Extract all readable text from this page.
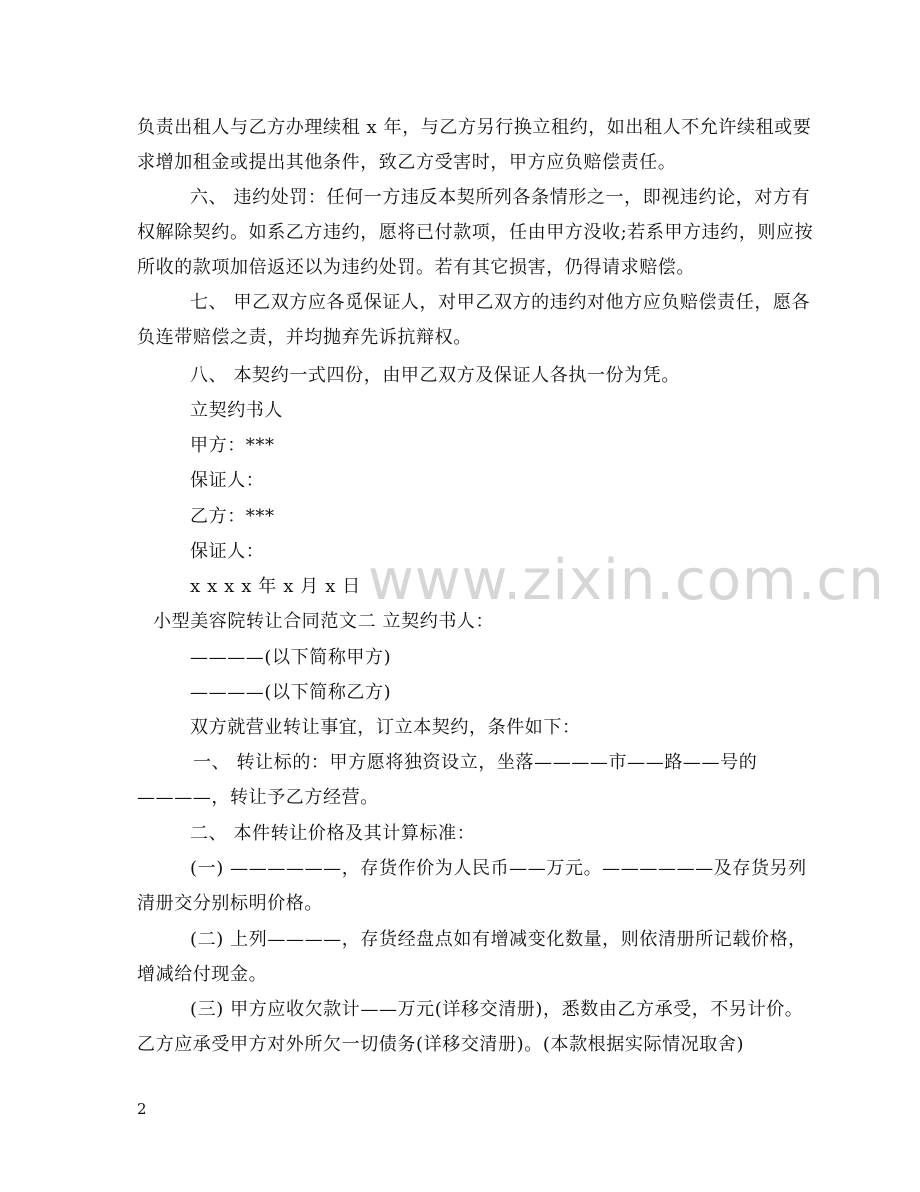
负责出租人与乙方办理续租 x 年，与乙方另行换立租约，如出租人不允许续租或要
求增加租金或提出其他条件，致乙方受害时，甲方应负赔偿责任。
六、 违约处罚：任何一方违反本契所列各条情形之一，即视违约论，对方有
权解除契约。如系乙方违约，愿将已付款项，任由甲方没收;若系甲方违约，则应按
所收的款项加倍返还以为违约处罚。若有其它损害，仍得请求赔偿。
七、 甲乙双方应各觅保证人，对甲乙双方的违约对他方应负赔偿责任，愿各
负连带赔偿之责，并均抛弃先诉抗辩权。
八、 本契约一式四份，由甲乙双方及保证人各执一份为凭。
立契约书人
甲方：***
保证人：
乙方：***
保证人：
x x x x 年 x 月 x 日
小型美容院转让合同范文二 立契约书人：
————(以下简称甲方)
————(以下简称乙方)
双方就营业转让事宜，订立本契约，条件如下：
一、 转让标的：甲方愿将独资设立，坐落————市——路——号的
————，转让予乙方经营。
二、 本件转让价格及其计算标准：
(一) ——————，存货作价为人民币——万元。——————及存货另列
清册交分别标明价格。
(二) 上列————，存货经盘点如有增减变化数量，则依清册所记载价格，
增减给付现金。
(三) 甲方应收欠款计——万元(详移交清册)，悉数由乙方承受，不另计价。
乙方应承受甲方对外所欠一切债务(详移交清册)。(本款根据实际情况取舍)
www.zixin.com.cn
2
